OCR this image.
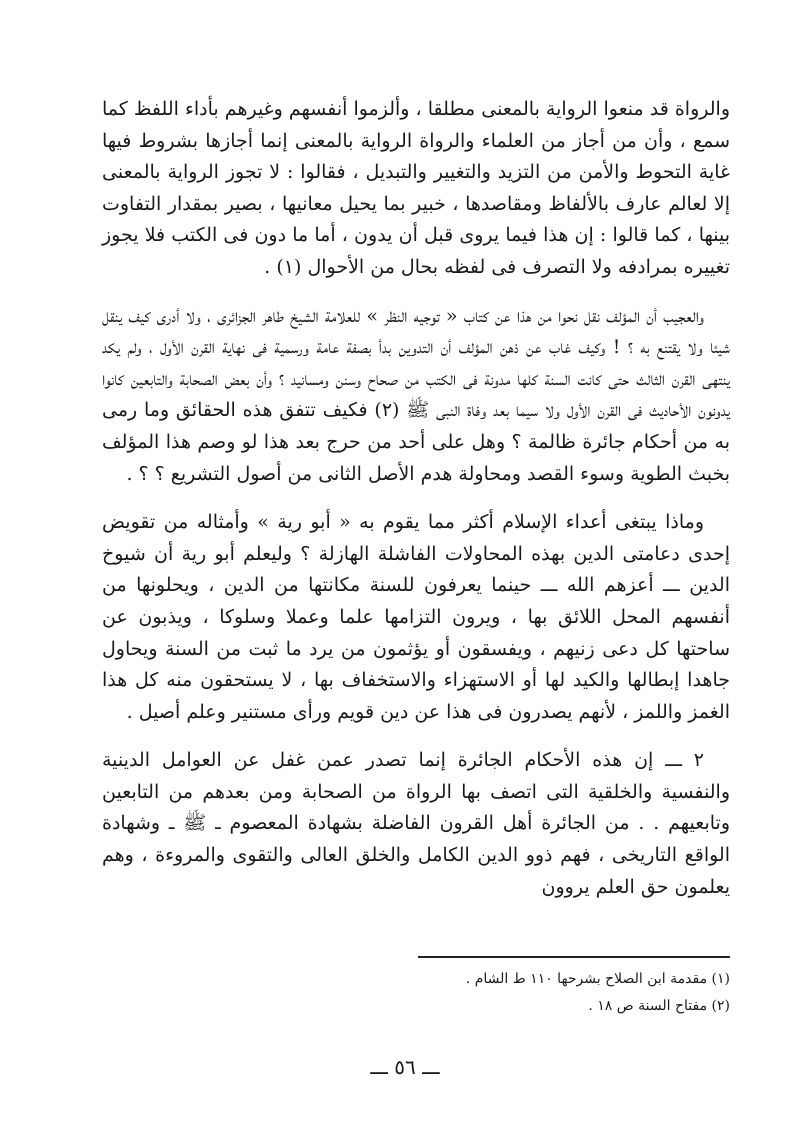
والرواة قد منعوا الرواية بالمعنى مطلقا ، وألزموا أنفسهم وغيرهم بأداء اللفظ كما سمع ، وأن من أجاز من العلماء والرواة الرواية بالمعنى إنما أجازها بشروط فيها غاية التحوط والأمن من التزيد والتغيير والتبديل ، فقالوا : لا تجوز الرواية بالمعنى إلا لعالم عارف بالألفاظ ومقاصدها ، خبير بما يحيل معانيها ، بصير بمقدار التفاوت بينها ، كما قالوا : إن هذا فيما يروى قبل أن يدون ، أما ما دون فى الكتب فلا يجوز تغييره بمرادفه ولا التصرف فى لفظه بحال من الأحوال (١) .

والعجيب أن المؤلف نقل نحوا من هذا عن كتاب « توجيه النظر » للعلامة الشيخ طاهر الجزائرى ، ولا أدرى كيف ينقل شيئا ولا يقتنع به ؟ ! وكيف غاب عن ذهن المؤلف أن التدوين بدأ بصفة عامة ورسمية فى نهاية القرن الأول ، ولم يكد ينتهى القرن الثالث حتى كانت السنة كلها مدونة فى الكتب من صحاح وسنن ومسانيد ؟ وأن بعض الصحابة والتابعين كانوا يدونون الأحاديث فى القرن الأول ولا سيما بعد وفاة النبى ﷺ (٢) فكيف تتفق هذه الحقائق وما رمى به من أحكام جائرة ظالمة ؟ وهل على أحد من حرج بعد هذا لو وصم هذا المؤلف بخبث الطوية وسوء القصد ومحاولة هدم الأصل الثانى من أصول التشريع ؟ ؟ .

وماذا يبتغى أعداء الإسلام أكثر مما يقوم به « أبو رية » وأمثاله من تقويض إحدى دعامتى الدين بهذه المحاولات الفاشلة الهازلة ؟ وليعلم أبو رية أن شيوخ الدين ـــ أعزهم الله ـــ حينما يعرفون للسنة مكانتها من الدين ، ويحلونها من أنفسهم المحل اللائق بها ، ويرون التزامها علما وعملا وسلوكا ، ويذبون عن ساحتها كل دعى زنيهم ، ويفسقون أو يؤثمون من يرد ما ثبت من السنة ويحاول جاهدا إبطالها والكيد لها أو الاستهزاء والاستخفاف بها ، لا يستحقون منه كل هذا الغمز واللمز ، لأنهم يصدرون فى هذا عن دين قويم ورأى مستنير وعلم أصيل .

٢ ـــ إن هذه الأحكام الجائرة إنما تصدر عمن غفل عن العوامل الدينية والنفسية والخلقية التى اتصف بها الرواة من الصحابة ومن بعدهم من التابعين وتابعيهم . . من الجائرة أهل القرون الفاضلة بشهادة المعصوم ـ ﷺ ـ وشهادة الواقع التاريخى ، فهم ذوو الدين الكامل والخلق العالى والتقوى والمروءة ، وهم يعلمون حق العلم يروون

(١) مقدمة ابن الصلاح بشرحها ١١٠ ط الشام .

(٢) مفتاح السنة ص ١٨ .

ـــ ٥٦ ـــ
